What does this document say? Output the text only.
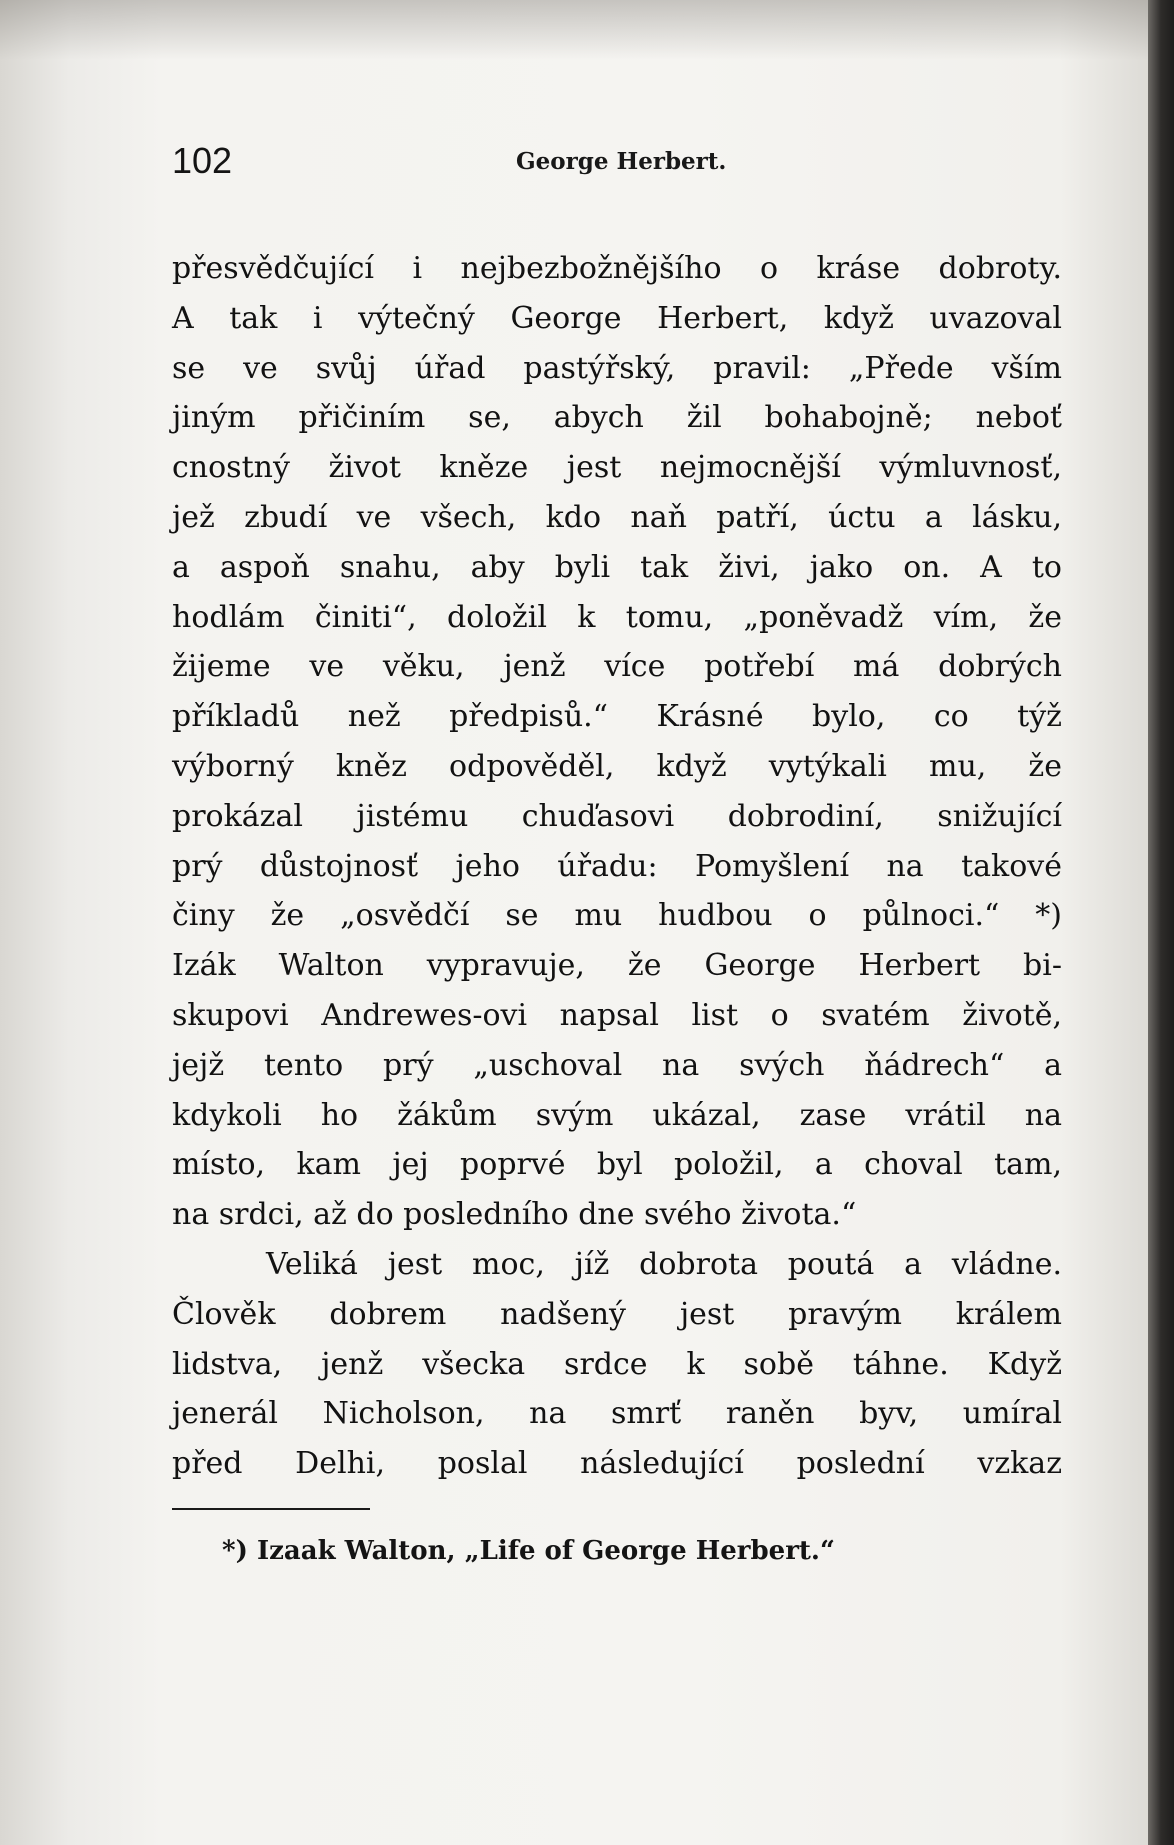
102	George Herbert.
přesvědčující i nejbezbožnějšího o kráse dobroty.
A tak i výtečný George Herbert, když uvazoval
se ve svůj úřad pastýřský, pravil: „Přede vším
jiným přičiním se, abych žil bohabojně; neboť
cnostný život kněze jest nejmocnější výmluvnosť,
jež zbudí ve všech, kdo naň patří, úctu a lásku,
a aspoň snahu, aby byli tak živi, jako on. A to
hodlám činiti“, doložil k tomu, „poněvadž vím, že
žijeme ve věku, jenž více potřebí má dobrých
příkladů než předpisů.“ Krásné bylo, co týž
výborný kněz odpověděl, když vytýkali mu, že
prokázal jistému chuďasovi dobrodiní, snižující
prý důstojnosť jeho úřadu: Pomyšlení na takové
činy že „osvědčí se mu hudbou o půlnoci.“ *)
Izák Walton vypravuje, že George Herbert bi-
skupovi Andrewes-ovi napsal list o svatém životě,
jejž tento prý „uschoval na svých ňádrech“ a
kdykoli ho žákům svým ukázal, zase vrátil na
místo, kam jej poprvé byl položil, a choval tam,
na srdci, až do posledního dne svého života.“
Veliká jest moc, jíž dobrota poutá a vládne.
Člověk dobrem nadšený jest pravým králem
lidstva, jenž všecka srdce k sobě táhne. Když
jenerál Nicholson, na smrť raněn byv, umíral
před Delhi, poslal následující poslední vzkaz
*) Izaak Walton, „Life of George Herbert.“
